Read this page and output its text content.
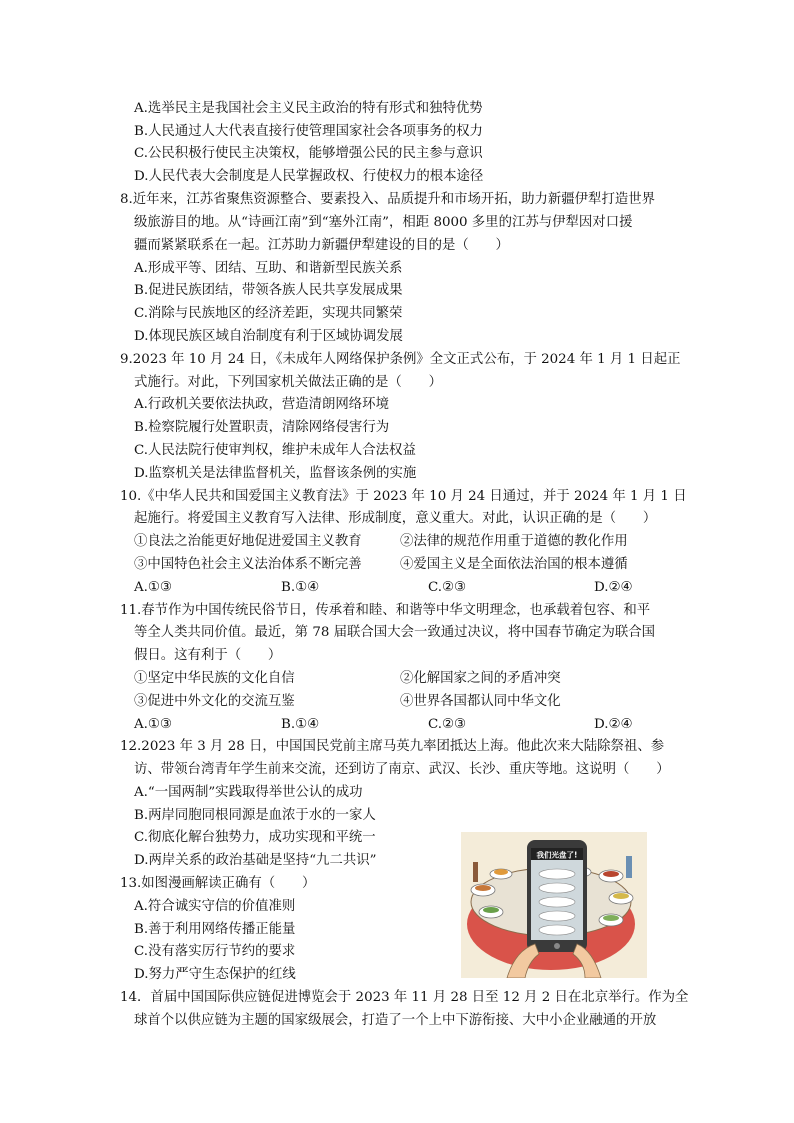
A.选举民主是我国社会主义民主政治的特有形式和独特优势
B.人民通过人大代表直接行使管理国家社会各项事务的权力
C.公民积极行使民主决策权，能够增强公民的民主参与意识
D.人民代表大会制度是人民掌握政权、行使权力的根本途径
8.近年来，江苏省聚焦资源整合、要素投入、品质提升和市场开拓，助力新疆伊犁打造世界
级旅游目的地。从“诗画江南”到“塞外江南”，相距 8000 多里的江苏与伊犁因对口援
疆而紧紧联系在一起。江苏助力新疆伊犁建设的目的是（　　）
A.形成平等、团结、互助、和谐新型民族关系
B.促进民族团结，带领各族人民共享发展成果
C.消除与民族地区的经济差距，实现共同繁荣
D.体现民族区域自治制度有利于区域协调发展
9.2023 年 10 月 24 日，《未成年人网络保护条例》全文正式公布，于 2024 年 1 月 1 日起正
式施行。对此，下列国家机关做法正确的是（　　）
A.行政机关要依法执政，营造清朗网络环境
B.检察院履行处置职责，清除网络侵害行为
C.人民法院行使审判权，维护未成年人合法权益
D.监察机关是法律监督机关，监督该条例的实施
10.《中华人民共和国爱国主义教育法》于 2023 年 10 月 24 日通过，并于 2024 年 1 月 1 日
起施行。将爱国主义教育写入法律、形成制度，意义重大。对此，认识正确的是（　　）
①良法之治能更好地促进爱国主义教育	②法律的规范作用重于道德的教化作用
③中国特色社会主义法治体系不断完善	④爱国主义是全面依法治国的根本遵循
A.①③	B.①④	C.②③	D.②④
11.春节作为中国传统民俗节日，传承着和睦、和谐等中华文明理念，也承载着包容、和平
等全人类共同价值。最近，第 78 届联合国大会一致通过决议，将中国春节确定为联合国
假日。这有利于（　　）
①坚定中华民族的文化自信	②化解国家之间的矛盾冲突
③促进中外文化的交流互鉴	④世界各国都认同中华文化
A.①③	B.①④	C.②③	D.②④
12.2023 年 3 月 28 日，中国国民党前主席马英九率团抵达上海。他此次来大陆除祭祖、参
访、带领台湾青年学生前来交流，还到访了南京、武汉、长沙、重庆等地。这说明（　　）
A.“一国两制”实践取得举世公认的成功
B.两岸同胞同根同源是血浓于水的一家人
C.彻底化解台独势力，成功实现和平统一
D.两岸关系的政治基础是坚持“九二共识”
13.如图漫画解读正确有（　　）
A.符合诚实守信的价值准则
B.善于利用网络传播正能量
C.没有落实厉行节约的要求
D.努力严守生态保护的红线
我们光盘了!
14．首届中国国际供应链促进博览会于 2023 年 11 月 28 日至 12 月 2 日在北京举行。作为全
球首个以供应链为主题的国家级展会，打造了一个上中下游衔接、大中小企业融通的开放
